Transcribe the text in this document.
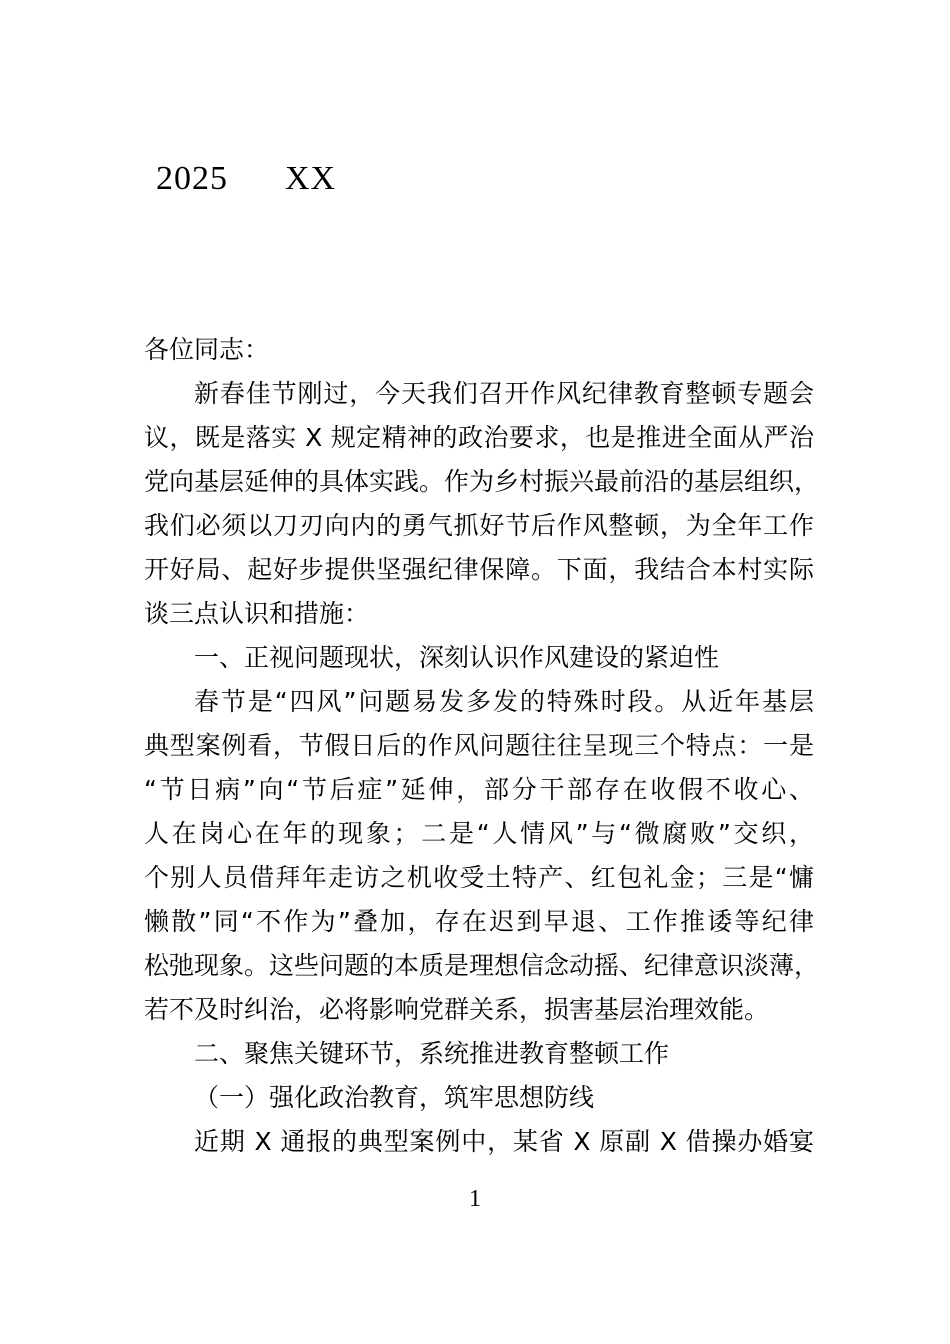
2025      XX
各位同志：
新春佳节刚过，今天我们召开作风纪律教育整顿专题会
议，既是落实 X 规定精神的政治要求，也是推进全面从严治
党向基层延伸的具体实践。作为乡村振兴最前沿的基层组织，
我们必须以刀刃向内的勇气抓好节后作风整顿，为全年工作
开好局、起好步提供坚强纪律保障。下面，我结合本村实际
谈三点认识和措施：
一、正视问题现状，深刻认识作风建设的紧迫性
春节是“四风”问题易发多发的特殊时段。从近年基层
典型案例看，节假日后的作风问题往往呈现三个特点：一是
“节日病”向“节后症”延伸，部分干部存在收假不收心、
人在岗心在年的现象；二是“人情风”与“微腐败”交织，
个别人员借拜年走访之机收受土特产、红包礼金；三是“慵
懒散”同“不作为”叠加，存在迟到早退、工作推诿等纪律
松弛现象。这些问题的本质是理想信念动摇、纪律意识淡薄，
若不及时纠治，必将影响党群关系，损害基层治理效能。
二、聚焦关键环节，系统推进教育整顿工作
（一）强化政治教育，筑牢思想防线
近期 X 通报的典型案例中，某省 X 原副 X 借操办婚宴
1
